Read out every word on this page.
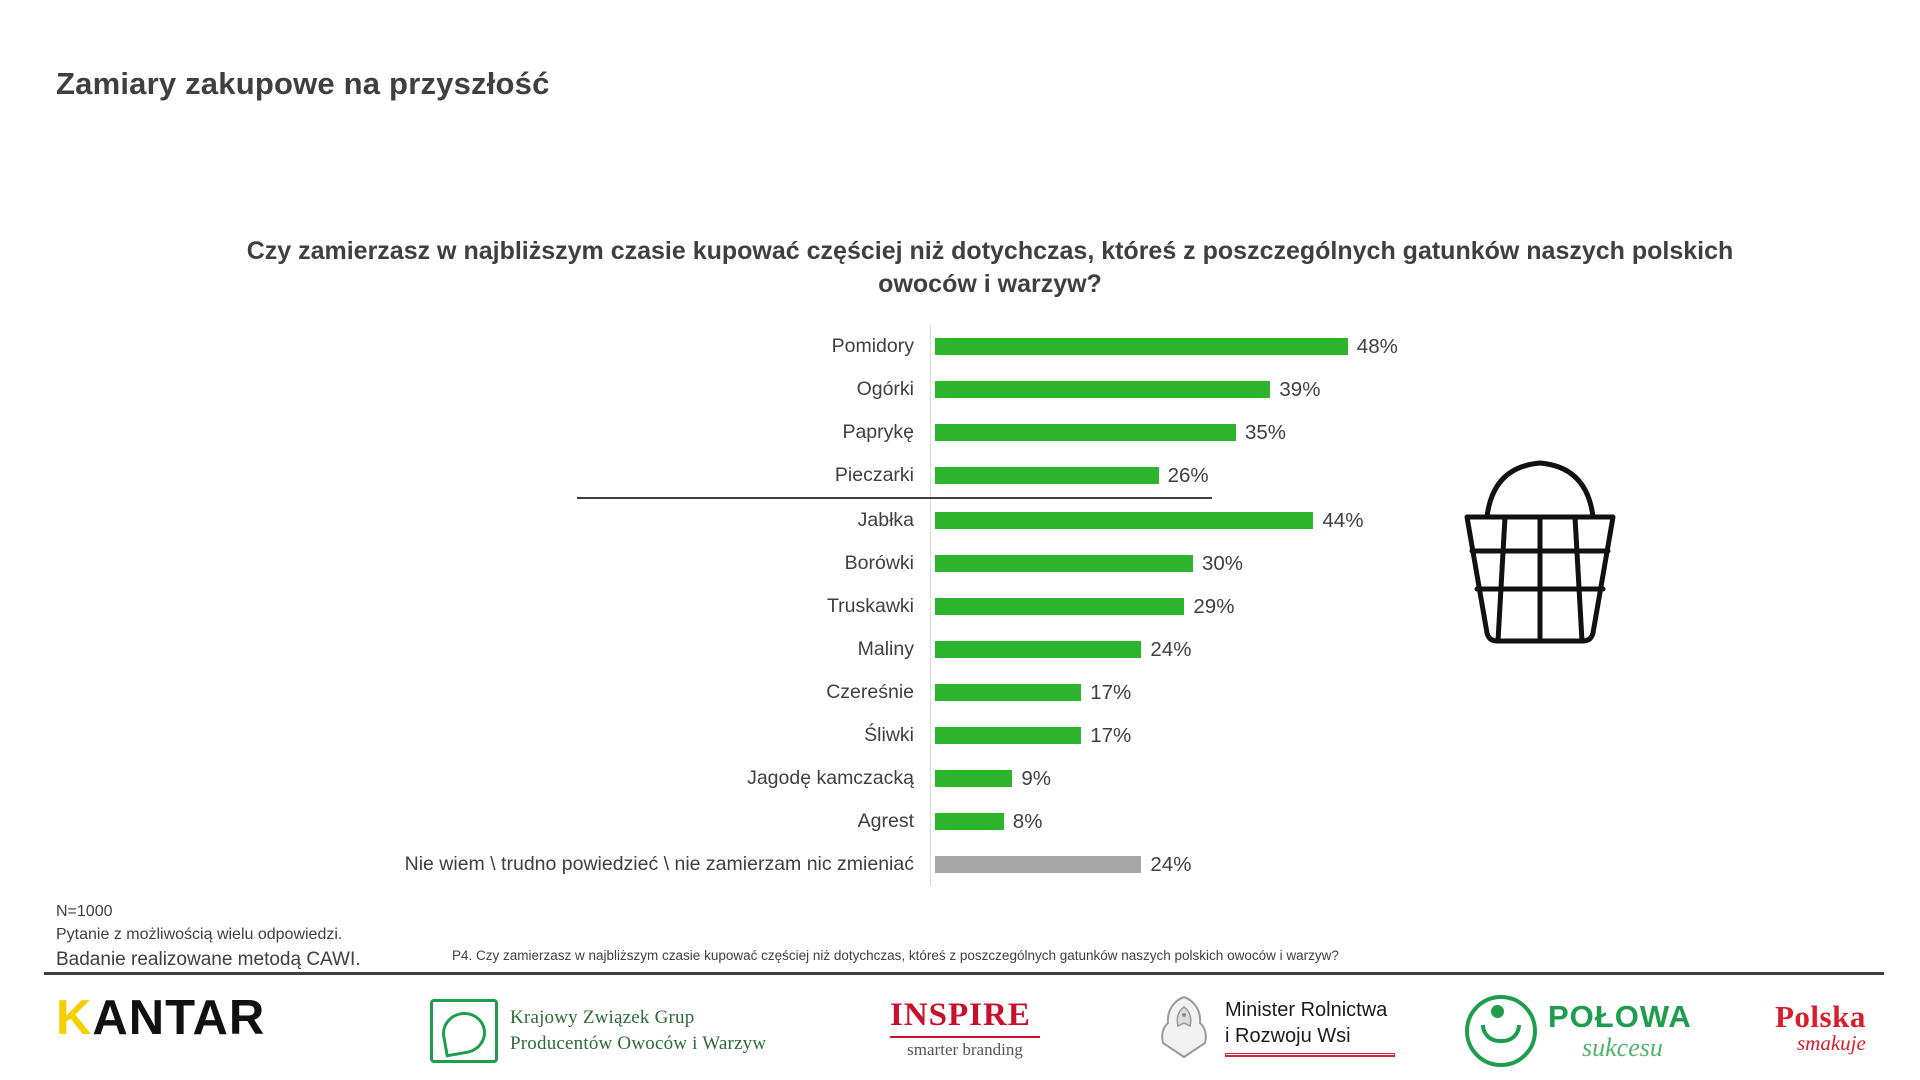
Zamiary zakupowe na przyszłość
Czy zamierzasz w najbliższym czasie kupować częściej niż dotychczas, któreś z poszczególnych gatunków naszych polskich owoców i warzyw?
Pomidory	48%
Ogórki	39%
Paprykę	35%
Pieczarki	26%
Jabłka	44%
Borówki	30%
Truskawki	29%
Maliny	24%
Czereśnie	17%
Śliwki	17%
Jagodę kamczacką	9%
Agrest	8%
Nie wiem \ trudno powiedzieć \ nie zamierzam nic zmieniać	24%
N=1000
Pytanie z możliwością wielu odpowiedzi.
Badanie realizowane metodą CAWI.	P4. Czy zamierzasz w najbliższym czasie kupować częściej niż dotychczas, któreś z poszczególnych gatunków naszych polskich owoców i warzyw?
KANTAR	Krajowy Związek Grup
Producentów Owoców i Warzyw
INSPIRE
smarter branding
Minister Rolnictwa
i Rozwoju Wsi
POŁOWA
sukcesu
Polska
smakuje
